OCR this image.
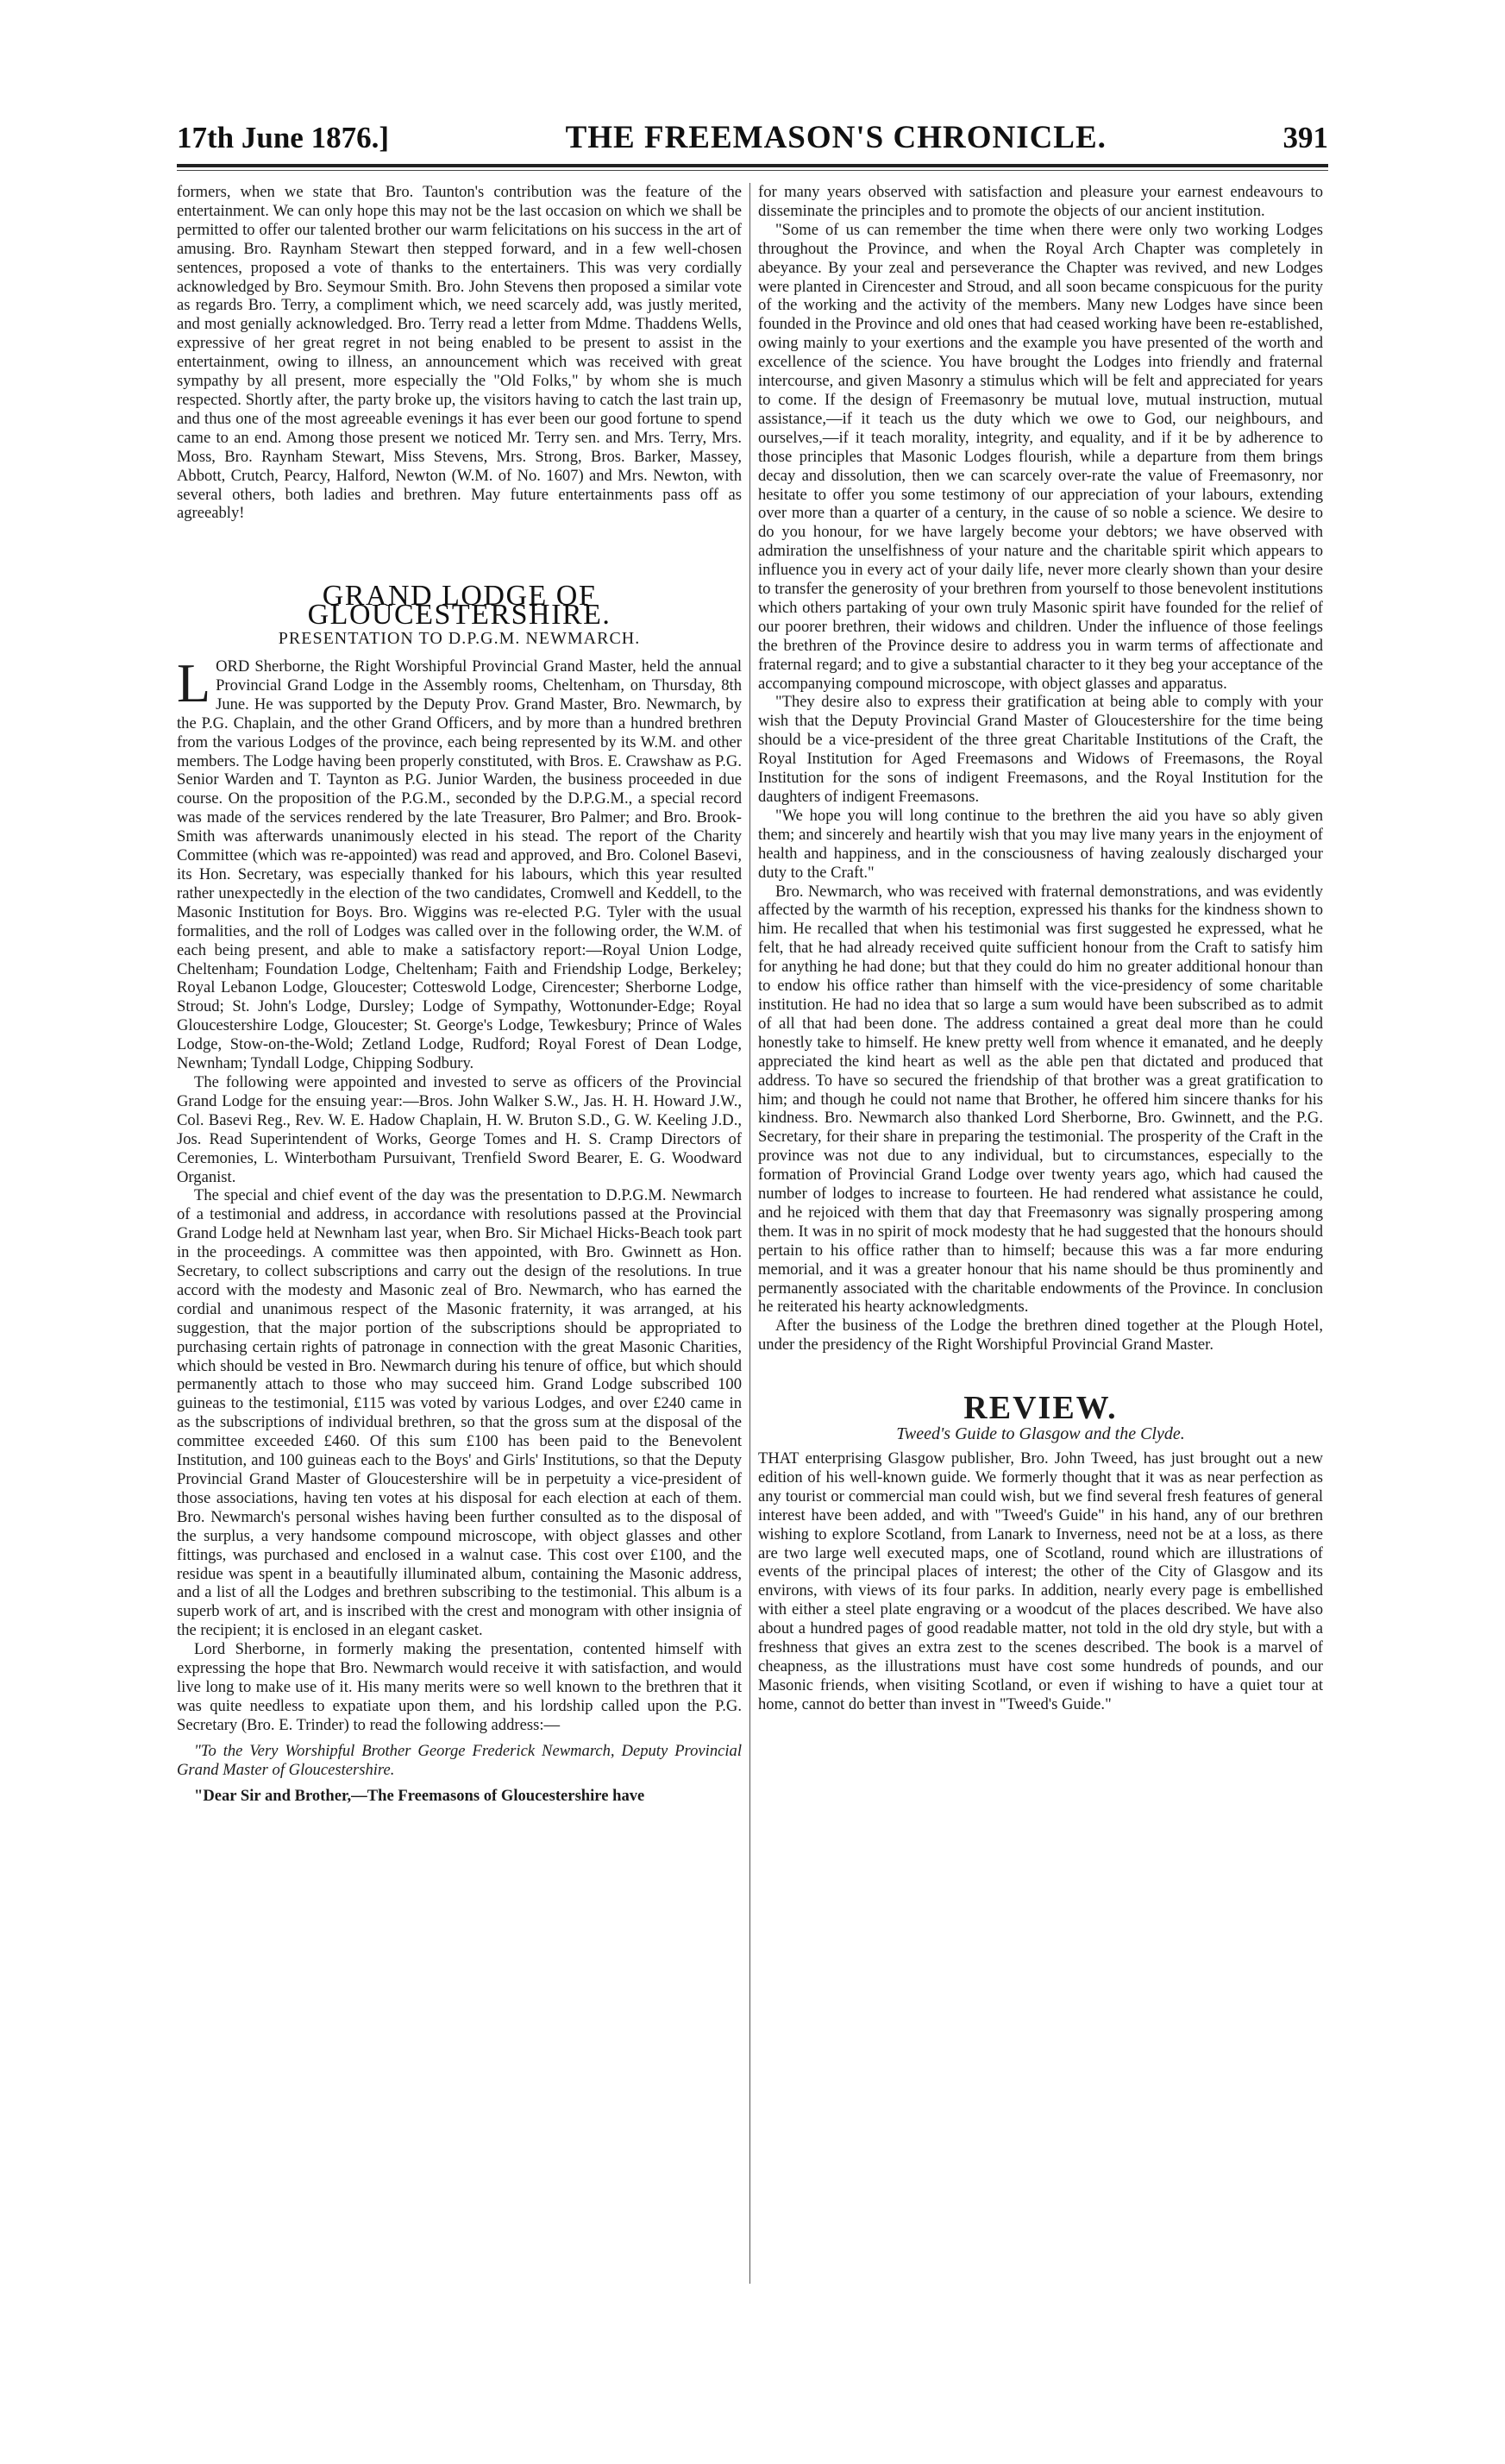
17th June 1876.]	THE FREEMASON'S CHRONICLE.	391

formers, when we state that Bro. Taunton's contribution was the feature of the entertainment. We can only hope this may not be the last occasion on which we shall be permitted to offer our talented brother our warm felicitations on his success in the art of amusing. Bro. Raynham Stewart then stepped forward, and in a few well-chosen sentences, proposed a vote of thanks to the entertainers. This was very cordially acknowledged by Bro. Seymour Smith. Bro. John Stevens then proposed a similar vote as regards Bro. Terry, a compliment which, we need scarcely add, was justly merited, and most genially acknowledged. Bro. Terry read a letter from Mdme. Thaddens Wells, expressive of her great regret in not being enabled to be present to assist in the entertainment, owing to illness, an announcement which was received with great sympathy by all present, more especially the "Old Folks," by whom she is much respected. Shortly after, the party broke up, the visitors having to catch the last train up, and thus one of the most agreeable evenings it has ever been our good fortune to spend came to an end. Among those present we noticed Mr. Terry sen. and Mrs. Terry, Mrs. Moss, Bro. Raynham Stewart, Miss Stevens, Mrs. Strong, Bros. Barker, Massey, Abbott, Crutch, Pearcy, Halford, Newton (W.M. of No. 1607) and Mrs. Newton, with several others, both ladies and brethren. May future entertainments pass off as agreeably!

GRAND LODGE OF GLOUCESTERSHIRE.
PRESENTATION TO D.P.G.M. NEWMARCH.

LORD Sherborne, the Right Worshipful Provincial Grand Master, held the annual Provincial Grand Lodge in the Assembly rooms, Cheltenham, on Thursday, 8th June. He was supported by the Deputy Prov. Grand Master, Bro. Newmarch, by the P.G. Chaplain, and the other Grand Officers, and by more than a hundred brethren from the various Lodges of the province, each being represented by its W.M. and other members. The Lodge having been properly constituted, with Bros. E. Crawshaw as P.G. Senior Warden and T. Taynton as P.G. Junior Warden, the business proceeded in due course. On the proposition of the P.G.M., seconded by the D.P.G.M., a special record was made of the services rendered by the late Treasurer, Bro Palmer; and Bro. Brook-Smith was afterwards unanimously elected in his stead. The report of the Charity Committee (which was re-appointed) was read and approved, and Bro. Colonel Basevi, its Hon. Secretary, was especially thanked for his labours, which this year resulted rather unexpectedly in the election of the two candidates, Cromwell and Keddell, to the Masonic Institution for Boys. Bro. Wiggins was re-elected P.G. Tyler with the usual formalities, and the roll of Lodges was called over in the following order, the W.M. of each being present, and able to make a satisfactory report:—Royal Union Lodge, Cheltenham; Foundation Lodge, Cheltenham; Faith and Friendship Lodge, Berkeley; Royal Lebanon Lodge, Gloucester; Cotteswold Lodge, Cirencester; Sherborne Lodge, Stroud; St. John's Lodge, Dursley; Lodge of Sympathy, Wottonunder-Edge; Royal Gloucestershire Lodge, Gloucester; St. George's Lodge, Tewkesbury; Prince of Wales Lodge, Stow-on-the-Wold; Zetland Lodge, Rudford; Royal Forest of Dean Lodge, Newnham; Tyndall Lodge, Chipping Sodbury.

The following were appointed and invested to serve as officers of the Provincial Grand Lodge for the ensuing year:—Bros. John Walker S.W., Jas. H. H. Howard J.W., Col. Basevi Reg., Rev. W. E. Hadow Chaplain, H. W. Bruton S.D., G. W. Keeling J.D., Jos. Read Superintendent of Works, George Tomes and H. S. Cramp Directors of Ceremonies, L. Winterbotham Pursuivant, Trenfield Sword Bearer, E. G. Woodward Organist.

The special and chief event of the day was the presentation to D.P.G.M. Newmarch of a testimonial and address, in accordance with resolutions passed at the Provincial Grand Lodge held at Newnham last year, when Bro. Sir Michael Hicks-Beach took part in the proceedings. A committee was then appointed, with Bro. Gwinnett as Hon. Secretary, to collect subscriptions and carry out the design of the resolutions. In true accord with the modesty and Masonic zeal of Bro. Newmarch, who has earned the cordial and unanimous respect of the Masonic fraternity, it was arranged, at his suggestion, that the major portion of the subscriptions should be appropriated to purchasing certain rights of patronage in connection with the great Masonic Charities, which should be vested in Bro. Newmarch during his tenure of office, but which should permanently attach to those who may succeed him. Grand Lodge subscribed 100 guineas to the testimonial, £115 was voted by various Lodges, and over £240 came in as the subscriptions of individual brethren, so that the gross sum at the disposal of the committee exceeded £460. Of this sum £100 has been paid to the Benevolent Institution, and 100 guineas each to the Boys' and Girls' Institutions, so that the Deputy Provincial Grand Master of Gloucestershire will be in perpetuity a vice-president of those associations, having ten votes at his disposal for each election at each of them. Bro. Newmarch's personal wishes having been further consulted as to the disposal of the surplus, a very handsome compound microscope, with object glasses and other fittings, was purchased and enclosed in a walnut case. This cost over £100, and the residue was spent in a beautifully illuminated album, containing the Masonic address, and a list of all the Lodges and brethren subscribing to the testimonial. This album is a superb work of art, and is inscribed with the crest and monogram with other insignia of the recipient; it is enclosed in an elegant casket.

Lord Sherborne, in formerly making the presentation, contented himself with expressing the hope that Bro. Newmarch would receive it with satisfaction, and would live long to make use of it. His many merits were so well known to the brethren that it was quite needless to expatiate upon them, and his lordship called upon the P.G. Secretary (Bro. E. Trinder) to read the following address:—

"To the Very Worshipful Brother George Frederick Newmarch, Deputy Provincial Grand Master of Gloucestershire.

"Dear Sir and Brother,—The Freemasons of Gloucestershire have

for many years observed with satisfaction and pleasure your earnest endeavours to disseminate the principles and to promote the objects of our ancient institution.

"Some of us can remember the time when there were only two working Lodges throughout the Province, and when the Royal Arch Chapter was completely in abeyance. By your zeal and perseverance the Chapter was revived, and new Lodges were planted in Cirencester and Stroud, and all soon became conspicuous for the purity of the working and the activity of the members. Many new Lodges have since been founded in the Province and old ones that had ceased working have been re-established, owing mainly to your exertions and the example you have presented of the worth and excellence of the science. You have brought the Lodges into friendly and fraternal intercourse, and given Masonry a stimulus which will be felt and appreciated for years to come. If the design of Freemasonry be mutual love, mutual instruction, mutual assistance,—if it teach us the duty which we owe to God, our neighbours, and ourselves,—if it teach morality, integrity, and equality, and if it be by adherence to those principles that Masonic Lodges flourish, while a departure from them brings decay and dissolution, then we can scarcely over-rate the value of Freemasonry, nor hesitate to offer you some testimony of our appreciation of your labours, extending over more than a quarter of a century, in the cause of so noble a science. We desire to do you honour, for we have largely become your debtors; we have observed with admiration the unselfishness of your nature and the charitable spirit which appears to influence you in every act of your daily life, never more clearly shown than your desire to transfer the generosity of your brethren from yourself to those benevolent institutions which others partaking of your own truly Masonic spirit have founded for the relief of our poorer brethren, their widows and children. Under the influence of those feelings the brethren of the Province desire to address you in warm terms of affectionate and fraternal regard; and to give a substantial character to it they beg your acceptance of the accompanying compound microscope, with object glasses and apparatus.

"They desire also to express their gratification at being able to comply with your wish that the Deputy Provincial Grand Master of Gloucestershire for the time being should be a vice-president of the three great Charitable Institutions of the Craft, the Royal Institution for Aged Freemasons and Widows of Freemasons, the Royal Institution for the sons of indigent Freemasons, and the Royal Institution for the daughters of indigent Freemasons.

"We hope you will long continue to the brethren the aid you have so ably given them; and sincerely and heartily wish that you may live many years in the enjoyment of health and happiness, and in the consciousness of having zealously discharged your duty to the Craft."

Bro. Newmarch, who was received with fraternal demonstrations, and was evidently affected by the warmth of his reception, expressed his thanks for the kindness shown to him. He recalled that when his testimonial was first suggested he expressed, what he felt, that he had already received quite sufficient honour from the Craft to satisfy him for anything he had done; but that they could do him no greater additional honour than to endow his office rather than himself with the vice-presidency of some charitable institution. He had no idea that so large a sum would have been subscribed as to admit of all that had been done. The address contained a great deal more than he could honestly take to himself. He knew pretty well from whence it emanated, and he deeply appreciated the kind heart as well as the able pen that dictated and produced that address. To have so secured the friendship of that brother was a great gratification to him; and though he could not name that Brother, he offered him sincere thanks for his kindness. Bro. Newmarch also thanked Lord Sherborne, Bro. Gwinnett, and the P.G. Secretary, for their share in preparing the testimonial. The prosperity of the Craft in the province was not due to any individual, but to circumstances, especially to the formation of Provincial Grand Lodge over twenty years ago, which had caused the number of lodges to increase to fourteen. He had rendered what assistance he could, and he rejoiced with them that day that Freemasonry was signally prospering among them. It was in no spirit of mock modesty that he had suggested that the honours should pertain to his office rather than to himself; because this was a far more enduring memorial, and it was a greater honour that his name should be thus prominently and permanently associated with the charitable endowments of the Province. In conclusion he reiterated his hearty acknowledgments.

After the business of the Lodge the brethren dined together at the Plough Hotel, under the presidency of the Right Worshipful Provincial Grand Master.

REVIEW.
Tweed's Guide to Glasgow and the Clyde.

THAT enterprising Glasgow publisher, Bro. John Tweed, has just brought out a new edition of his well-known guide. We formerly thought that it was as near perfection as any tourist or commercial man could wish, but we find several fresh features of general interest have been added, and with "Tweed's Guide" in his hand, any of our brethren wishing to explore Scotland, from Lanark to Inverness, need not be at a loss, as there are two large well executed maps, one of Scotland, round which are illustrations of events of the principal places of interest; the other of the City of Glasgow and its environs, with views of its four parks. In addition, nearly every page is embellished with either a steel plate engraving or a woodcut of the places described. We have also about a hundred pages of good readable matter, not told in the old dry style, but with a freshness that gives an extra zest to the scenes described. The book is a marvel of cheapness, as the illustrations must have cost some hundreds of pounds, and our Masonic friends, when visiting Scotland, or even if wishing to have a quiet tour at home, cannot do better than invest in "Tweed's Guide."
